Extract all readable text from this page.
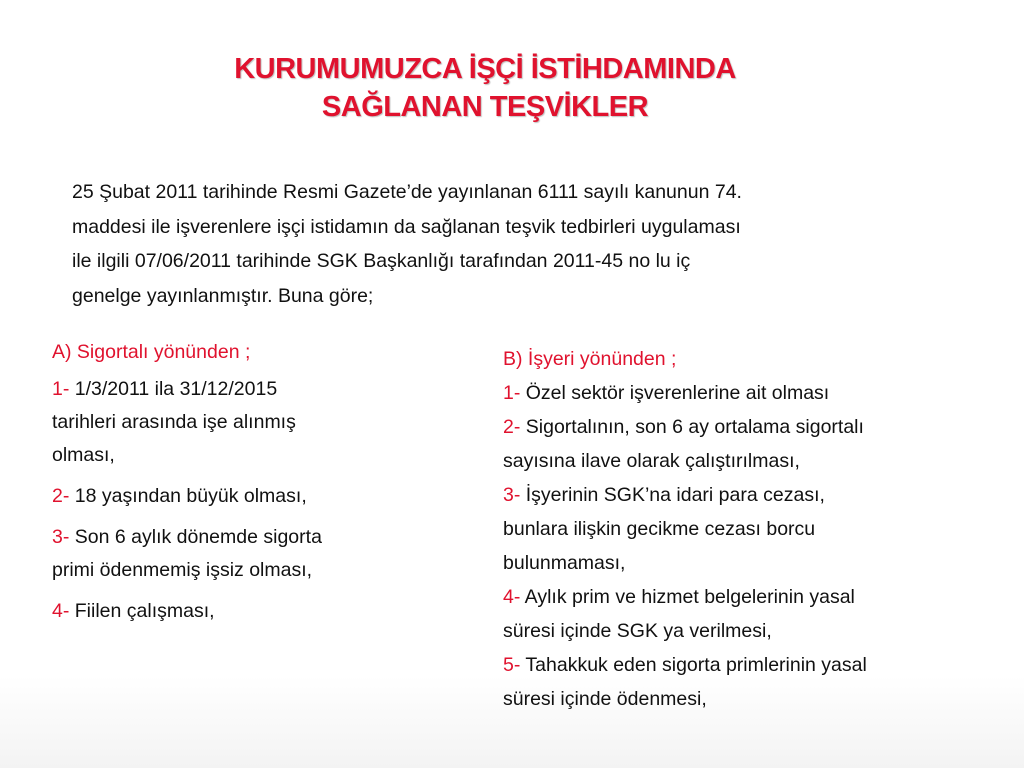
KURUMUMUZCA İŞÇİ İSTİHDAMINDA
SAĞLANAN TEŞVİKLER
25 Şubat 2011 tarihinde Resmi Gazete’de yayınlanan 6111 sayılı kanunun 74.
maddesi ile işverenlere işçi istidamın da sağlanan teşvik tedbirleri uygulaması
ile ilgili 07/06/2011 tarihinde SGK Başkanlığı tarafından 2011-45 no lu iç
genelge yayınlanmıştır. Buna göre;
A) Sigortalı yönünden ;
1- 1/3/2011 ila 31/12/2015
tarihleri arasında işe alınmış
olması,
2- 18 yaşından büyük olması,
3- Son 6 aylık dönemde sigorta
primi ödenmemiş işsiz olması,
4- Fiilen çalışması,
B) İşyeri yönünden ;
1- Özel sektör işverenlerine ait olması
2- Sigortalının, son 6 ay ortalama sigortalı
sayısına ilave olarak çalıştırılması,
3- İşyerinin SGK’na idari para cezası,
bunlara ilişkin gecikme cezası borcu
bulunmaması,
4- Aylık prim ve hizmet belgelerinin yasal
süresi içinde SGK ya verilmesi,
5- Tahakkuk eden sigorta primlerinin yasal
süresi içinde ödenmesi,
